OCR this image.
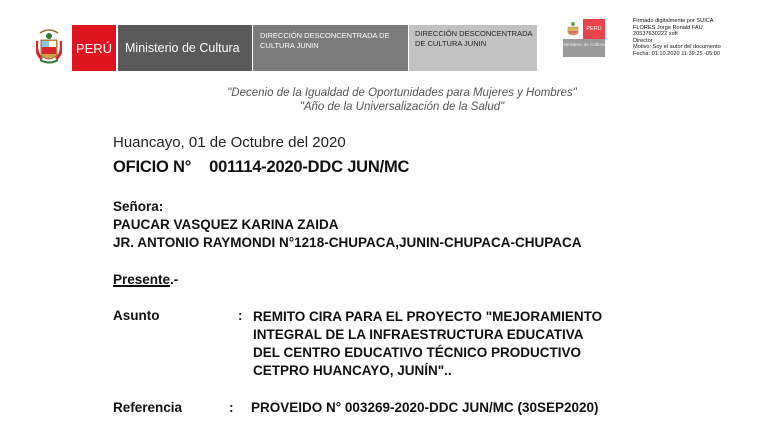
PERÚ	Ministerio de Cultura
DIRECCIÓN DESCONCENTRADA DE CULTURA JUNIN
DIRECCIÓN DESCONCENTRADA DE CULTURA JUNIN
PERÚ
Ministerio de Cultura
Firmado digitalmente por SUICA
FLORES Jorge Ronald FAU
20537630222 soft
Director
Motivo: Soy el autor del documento
Fecha: 01.10.2020 11:39:25 -05:00
"Decenio de la Igualdad de Oportunidades para Mujeres y Hombres"
"Año de la Universalización de la Salud"
Huancayo, 01 de Octubre del 2020
OFICIO N° 001114-2020-DDC JUN/MC
Señora:
PAUCAR VASQUEZ KARINA ZAIDA
JR. ANTONIO RAYMONDI N°1218-CHUPACA,JUNIN-CHUPACA-CHUPACA
Presente.-
Asunto	: REMITO CIRA PARA EL PROYECTO "MEJORAMIENTO
INTEGRAL DE LA INFRAESTRUCTURA EDUCATIVA
DEL CENTRO EDUCATIVO TÉCNICO PRODUCTIVO
CETPRO HUANCAYO, JUNÍN"..
Referencia	: PROVEIDO N° 003269-2020-DDC JUN/MC (30SEP2020)
